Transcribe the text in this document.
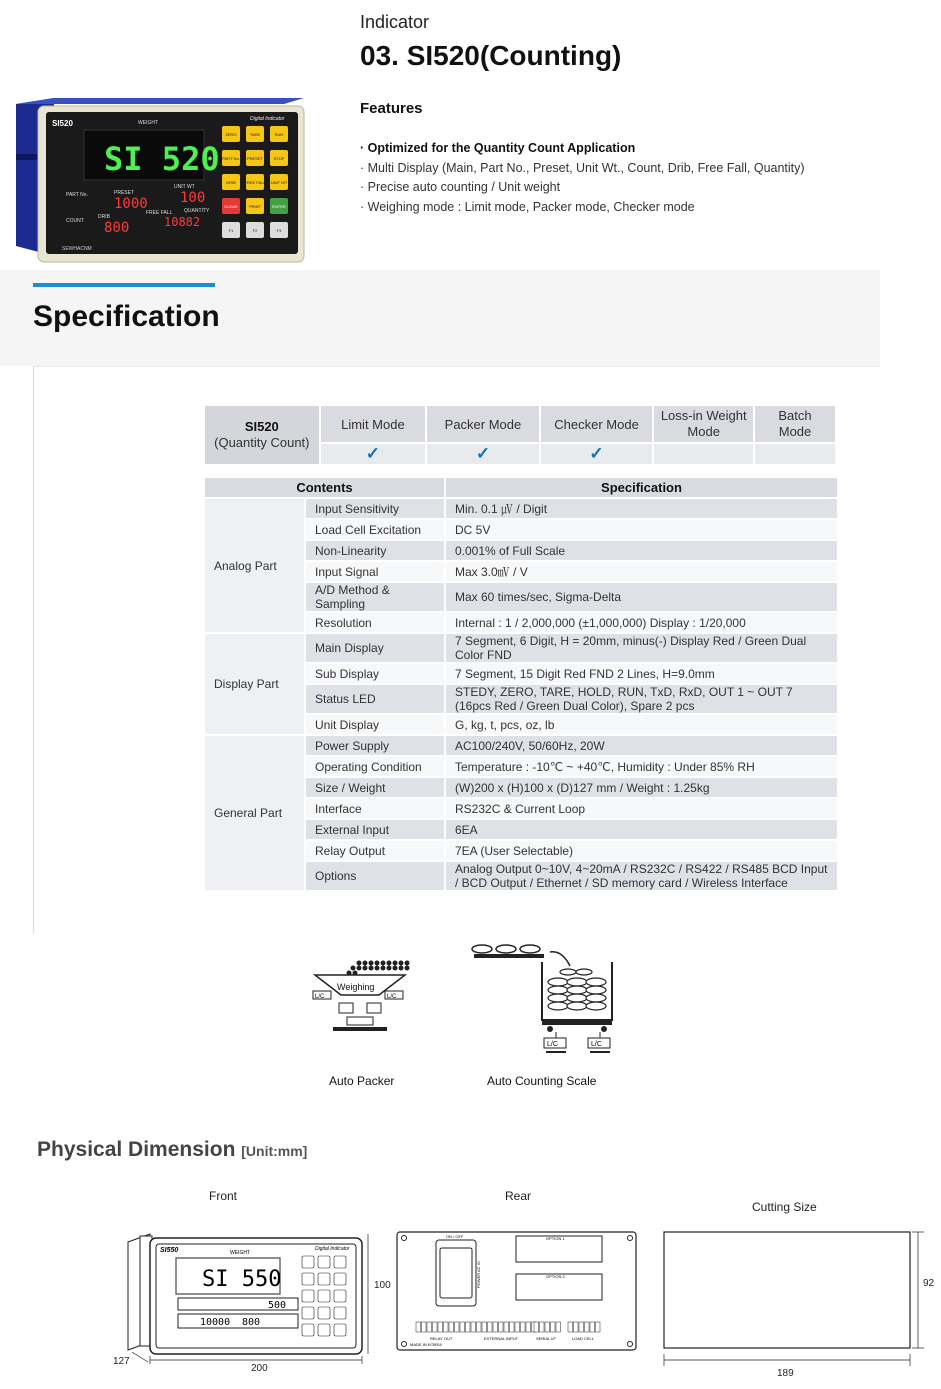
SI520	WEIGHT
Digital Indicator
SI 520
PART No.	PRESET
UNIT WT
1000 100
COUNT
DRIB
FREE FALL QUANTITY
800	10882
ZERO	TARE	RUN
PART No. PRESET	STOP
DRIB FREE FALL UNIT WT
CLEAR	PRINT	ENTER
F1	F2	F3
SEWHACNM
Indicator
03. SI520(Counting)
Features
· Optimized for the Quantity Count Application
· Multi Display (Main, Part No., Preset, Unit Wt., Count, Drib, Free Fall, Quantity)
· Precise auto counting / Unit weight
· Weighing mode : Limit mode, Packer mode, Checker mode
Specification
SI520
(Quantity Count)	Limit Mode	Packer Mode	Checker Mode	Loss-in Weight Mode	Batch Mode
	✓	✓	✓		
Contents		Specification
Analog Part	Input Sensitivity	Min. 0.1 ㎶ / Digit
	Load Cell Excitation	DC 5V
	Non-Linearity	0.001% of Full Scale
	Input Signal	Max 3.0㎷ / V
	A/D Method & Sampling	Max 60 times/sec, Sigma-Delta
	Resolution	Internal : 1 / 2,000,000 (±1,000,000) Display : 1/20,000
Display Part	Main Display	7 Segment, 6 Digit, H = 20mm, minus(-) Display Red / Green Dual Color FND
	Sub Display	7 Segment, 15 Digit Red FND 2 Lines, H=9.0mm
	Status LED	STEDY, ZERO, TARE, HOLD, RUN, TxD, RxD, OUT 1 ~ OUT 7 (16pcs Red / Green Dual Color), Spare 2 pcs
	Unit Display	G, kg, t, pcs, oz, lb
General Part	Power Supply	AC100/240V, 50/60Hz, 20W
	Operating Condition	Temperature : -10℃ ~ +40℃, Humidity : Under 85% RH
	Size / Weight	(W)200 x (H)100 x (D)127 mm / Weight : 1.25kg
	Interface	RS232C & Current Loop
	External Input	6EA
	Relay Output	7EA (User Selectable)
	Options	Analog Output 0~10V, 4~20mA / RS232C / RS422 / RS485 BCD Input / BCD Output / Ethernet / SD memory card / Wireless Interface
Weighing
L/C	L/C
Auto Packer
L/C	L/C
Auto Counting Scale
Physical Dimension [Unit:mm]
Front	Rear
Cutting Size
SI550	WEIGHT
Digital Indicator
SI 550
500
10000 800
200
100
127
ON / OFF
POWER AC IN
OPTION 1
OPTION 2
RELAY OUT	EXTERNAL INPUT	SERIAL I/F	LOAD CELL
MADE IN KOREA
189
92
